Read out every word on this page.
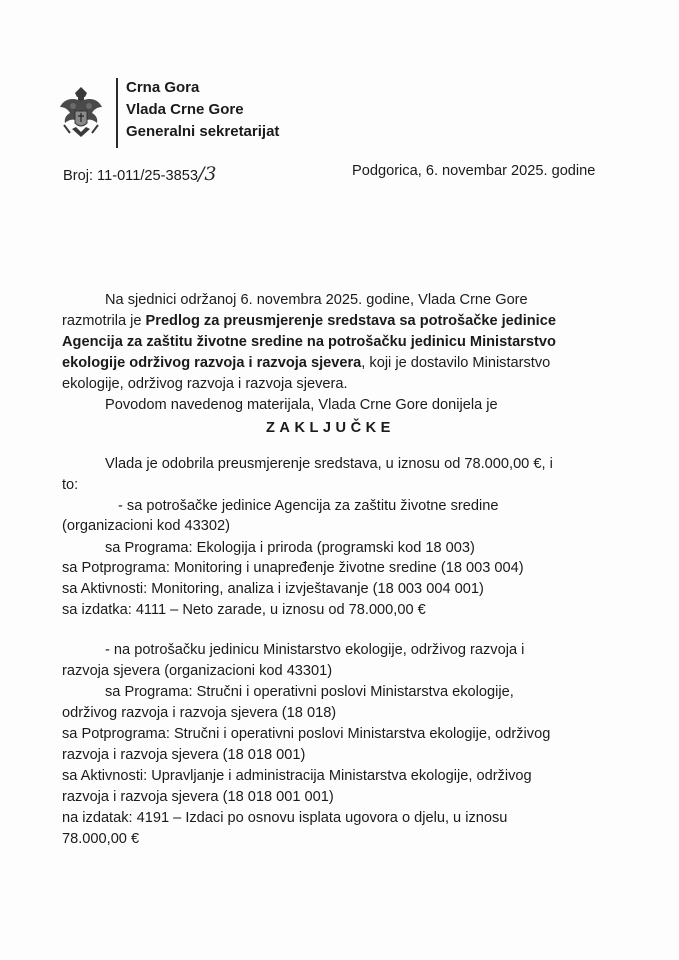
Crna Gora
Vlada Crne Gore
Generalni sekretarijat
Broj: 11-011/25-3853/3	Podgorica, 6. novembar 2025. godine
Na sjednici održanoj 6. novembra 2025. godine, Vlada Crne Gore
razmotrila je Predlog za preusmjerenje sredstava sa potrošačke jedinice
Agencija za zaštitu životne sredine na potrošačku jedinicu Ministarstvo
ekologije održivog razvoja i razvoja sjevera, koji je dostavilo Ministarstvo
ekologije, održivog razvoja i razvoja sjevera.
Povodom navedenog materijala, Vlada Crne Gore donijela je
ZAKLJUČKE
Vlada je odobrila preusmjerenje sredstava, u iznosu od 78.000,00 €, i
to:
- sa potrošačke jedinice Agencija za zaštitu životne sredine
(organizacioni kod 43302)
sa Programa: Ekologija i priroda (programski kod 18 003)
sa Potprograma: Monitoring i unapređenje životne sredine (18 003 004)
sa Aktivnosti: Monitoring, analiza i izvještavanje (18 003 004 001)
sa izdatka: 4111 – Neto zarade, u iznosu od 78.000,00 €
- na potrošačku jedinicu Ministarstvo ekologije, održivog razvoja i
razvoja sjevera (organizacioni kod 43301)
sa Programa: Stručni i operativni poslovi Ministarstva ekologije,
održivog razvoja i razvoja sjevera (18 018)
sa Potprograma: Stručni i operativni poslovi Ministarstva ekologije, održivog
razvoja i razvoja sjevera (18 018 001)
sa Aktivnosti: Upravljanje i administracija Ministarstva ekologije, održivog
razvoja i razvoja sjevera (18 018 001 001)
na izdatak: 4191 – Izdaci po osnovu isplata ugovora o djelu, u iznosu
78.000,00 €
